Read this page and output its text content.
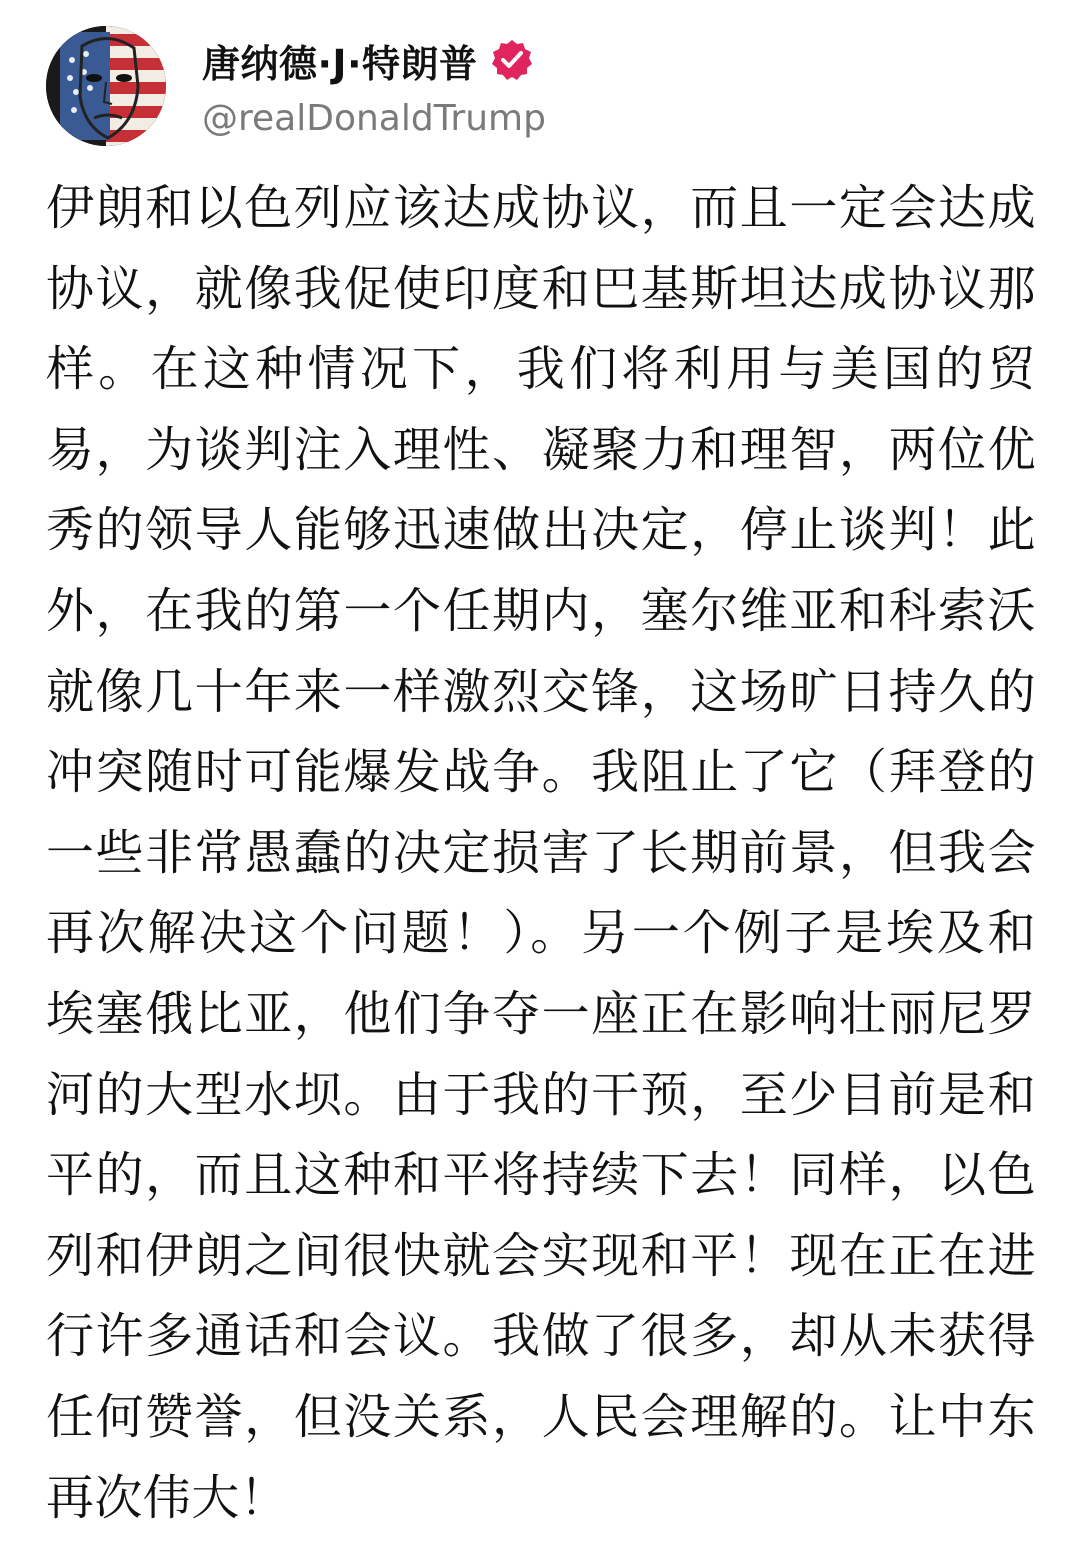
唐纳德·J·特朗普
@realDonaldTrump
伊朗和以色列应该达成协议，而且一定会达成协议，就像我促使印度和巴基斯坦达成协议那样。在这种情况下，我们将利用与美国的贸易，为谈判注入理性、凝聚力和理智，两位优秀的领导人能够迅速做出决定，停止谈判！此外，在我的第一个任期内，塞尔维亚和科索沃就像几十年来一样激烈交锋，这场旷日持久的冲突随时可能爆发战争。我阻止了它（拜登的一些非常愚蠢的决定损害了长期前景，但我会再次解决这个问题！）。另一个例子是埃及和埃塞俄比亚，他们争夺一座正在影响壮丽尼罗河的大型水坝。由于我的干预，至少目前是和平的，而且这种和平将持续下去！同样，以色列和伊朗之间很快就会实现和平！现在正在进行许多通话和会议。我做了很多，却从未获得任何赞誉，但没关系，人民会理解的。让中东再次伟大！
